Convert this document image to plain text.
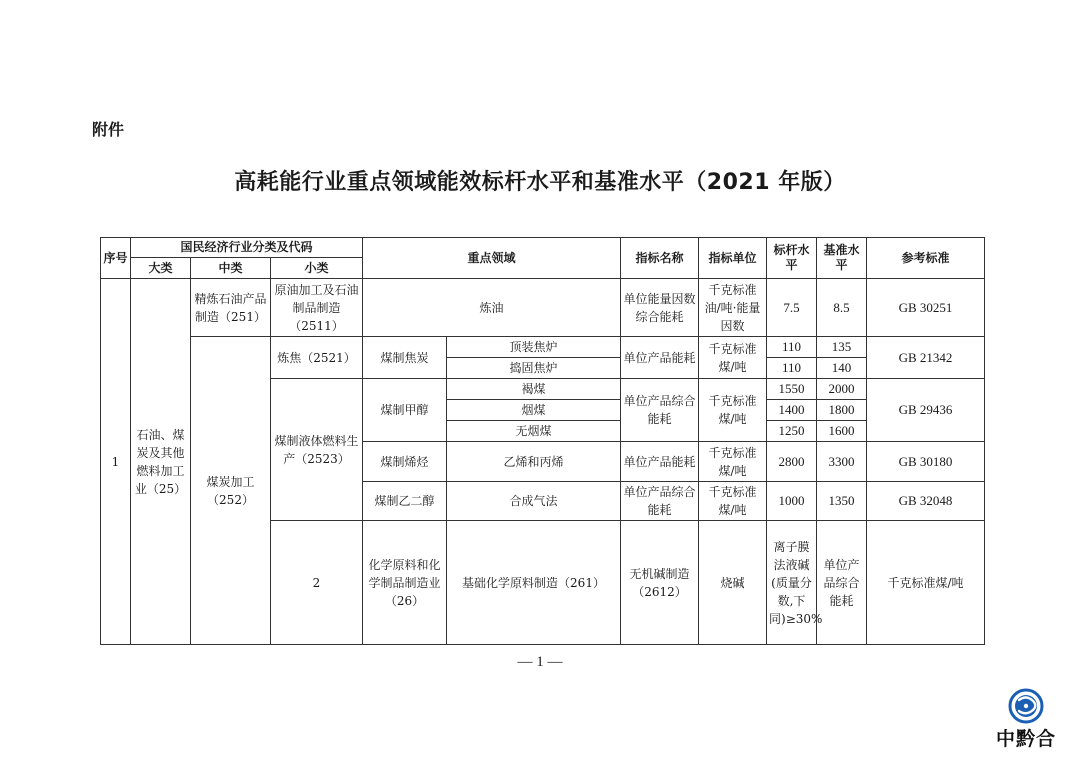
附件
高耗能行业重点领域能效标杆水平和基准水平（2021 年版）
序号	国民经济行业分类及代码			重点领域		指标名称	指标单位	标杆水平	基准水平	参考标准	
	大类	中类	小类								
1	石油、煤炭及其他燃料加工业（25）	精炼石油产品制造（251）	原油加工及石油制品制造（2511）	炼油		单位能量因数综合能耗	千克标准油/吨·能量因数	7.5	8.5	GB 30251	
		煤炭加工（252）	炼焦（2521）	煤制焦炭	顶装焦炉	单位产品能耗	千克标准煤/吨	110	135	GB 21342	
					捣固焦炉			110	140		
			煤制液体燃料生产（2523）	煤制甲醇	褐煤	单位产品综合能耗	千克标准煤/吨	1550	2000	GB 29436	
					烟煤			1400	1800		
					无烟煤			1250	1600		
				煤制烯烃	乙烯和丙烯	单位产品能耗	千克标准煤/吨	2800	3300	GB 30180	
				煤制乙二醇	合成气法	单位产品综合能耗	千克标准煤/吨	1000	1350	GB 32048	
			2	化学原料和化学制品制造业（26）	基础化学原料制造（261）	无机碱制造（2612）	烧碱	离子膜法液碱(质量分数,下同)≥30%	单位产品综合能耗	千克标准煤/吨			
— 1 —
中黔合
